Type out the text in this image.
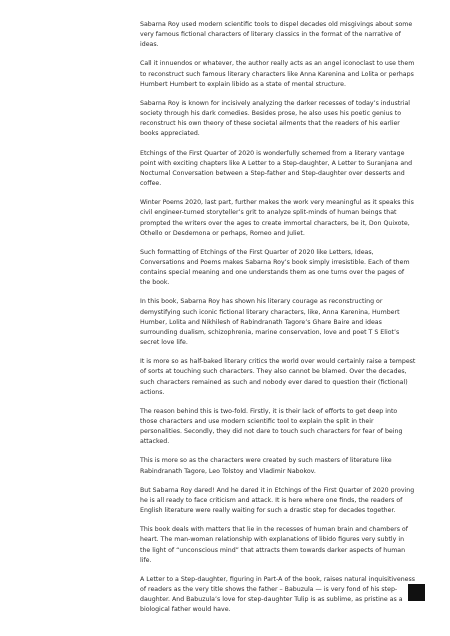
Sabarna Roy used modern scientific tools to dispel decades old misgivings about some very famous fictional characters of literary classics in the format of the narrative of ideas.

Call it innuendos or whatever, the author really acts as an angel iconoclast to use them to reconstruct such famous literary characters like Anna Karenina and Lolita or perhaps Humbert Humbert to explain libido as a state of mental structure.

Sabarna Roy is known for incisively analyzing the darker recesses of today’s industrial society through his dark comedies. Besides prose, he also uses his poetic genius to reconstruct his own theory of these societal ailments that the readers of his earlier books appreciated.

Etchings of the First Quarter of 2020 is wonderfully schemed from a literary vantage point with exciting chapters like A Letter to a Step-daughter, A Letter to Suranjana and Nocturnal Conversation between a Step-father and Step-daughter over desserts and coffee.

Winter Poems 2020, last part, further makes the work very meaningful as it speaks this civil engineer-turned storyteller’s grit to analyze split-minds of human beings that prompted the writers over the ages to create immortal characters, be it, Don Quixote, Othello or Desdemona or perhaps, Romeo and Juliet.

Such formatting of Etchings of the First Quarter of 2020 like Letters, Ideas, Conversations and Poems makes Sabarna Roy’s book simply irresistible. Each of them contains special meaning and one understands them as one turns over the pages of the book.

In this book, Sabarna Roy has shown his literary courage as reconstructing or demystifying such iconic fictional literary characters, like, Anna Karenina, Humbert Humber, Lolita and Nikhilesh of Rabindranath Tagore’s Ghare Baire and ideas surrounding dualism, schizophrenia, marine conservation, love and poet T S Eliot’s secret love life.

It is more so as half-baked literary critics the world over would certainly raise a tempest of sorts at touching such characters. They also cannot be blamed. Over the decades, such characters remained as such and nobody ever dared to question their (fictional) actions.

The reason behind this is two-fold. Firstly, it is their lack of efforts to get deep into those characters and use modern scientific tool to explain the split in their personalities. Secondly, they did not dare to touch such characters for fear of being attacked.

This is more so as the characters were created by such masters of literature like Rabindranath Tagore, Leo Tolstoy and Vladimir Nabokov.

But Sabarna Roy dared! And he dared it in Etchings of the First Quarter of 2020 proving he is all ready to face criticism and attack. It is here where one finds, the readers of English literature were really waiting for such a drastic step for decades together.

This book deals with matters that lie in the recesses of human brain and chambers of heart. The man-woman relationship with explanations of libido figures very subtly in the light of “unconscious mind” that attracts them towards darker aspects of human life.

A Letter to a Step-daughter, figuring in Part-A of the book, raises natural inquisitiveness of readers as the very title shows the father – Babuzula — is very fond of his step-daughter. And Babuzula’s love for step-daughter Tulip is as sublime, as pristine as a biological father would have.
